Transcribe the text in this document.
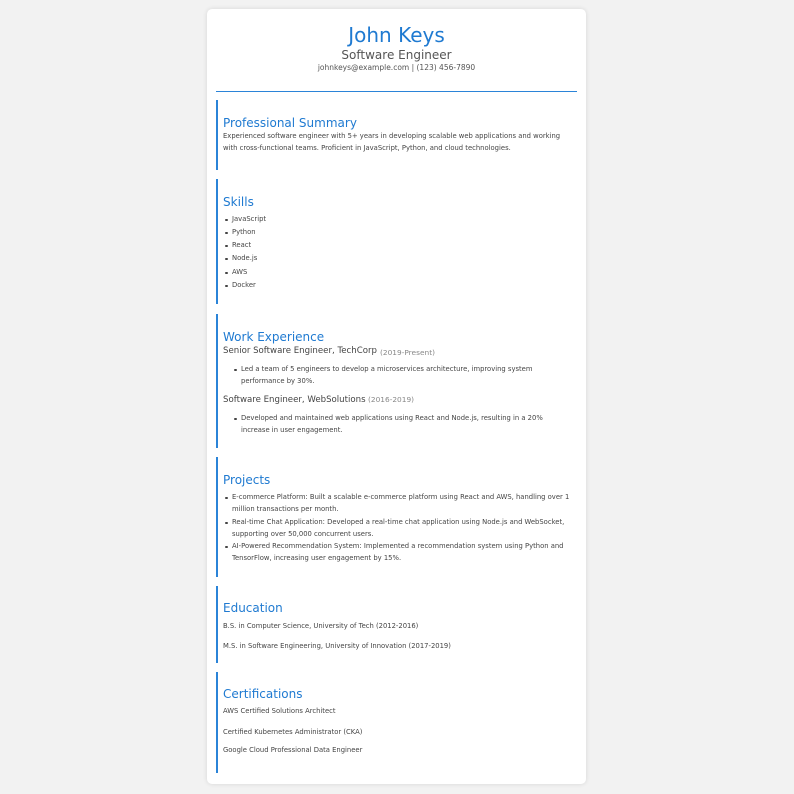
John Keys
Software Engineer
johnkeys@example.com | (123) 456-7890
Professional Summary
Experienced software engineer with 5+ years in developing scalable web applications and working with cross-functional teams. Proficient in JavaScript, Python, and cloud technologies.
Skills
JavaScript
Python
React
Node.js
AWS
Docker
Work Experience
Senior Software Engineer, TechCorp (2019-Present)
Led a team of 5 engineers to develop a microservices architecture, improving system performance by 30%.
Software Engineer, WebSolutions (2016-2019)
Developed and maintained web applications using React and Node.js, resulting in a 20% increase in user engagement.
Projects
E-commerce Platform: Built a scalable e-commerce platform using React and AWS, handling over 1 million transactions per month.
Real-time Chat Application: Developed a real-time chat application using Node.js and WebSocket, supporting over 50,000 concurrent users.
AI-Powered Recommendation System: Implemented a recommendation system using Python and TensorFlow, increasing user engagement by 15%.
Education
B.S. in Computer Science, University of Tech (2012-2016)
M.S. in Software Engineering, University of Innovation (2017-2019)
Certifications
AWS Certified Solutions Architect
Certified Kubernetes Administrator (CKA)
Google Cloud Professional Data Engineer
